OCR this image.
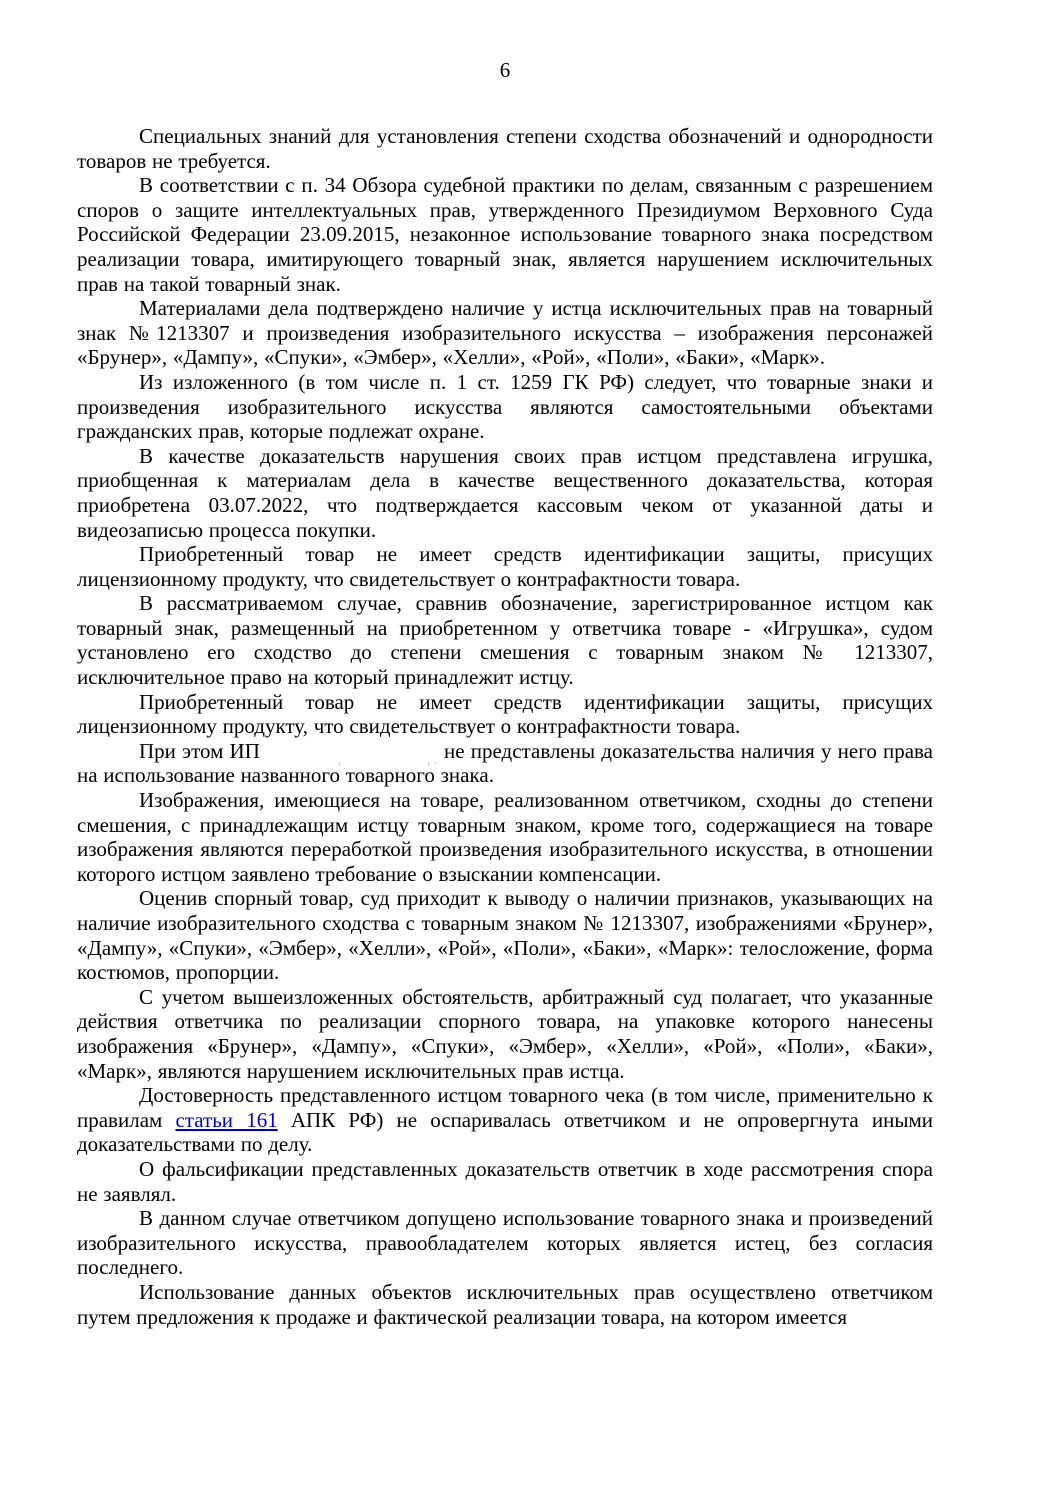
6

Специальных знаний для установления степени сходства обозначений и однородности товаров не требуется.

В соответствии с п. 34 Обзора судебной практики по делам, связанным с разрешением споров о защите интеллектуальных прав, утвержденного Президиумом Верховного Суда Российской Федерации 23.09.2015, незаконное использование товарного знака посредством реализации товара, имитирующего товарный знак, является нарушением исключительных прав на такой товарный знак.

Материалами дела подтверждено наличие у истца исключительных прав на товарный знак №1213307 и произведения изобразительного искусства – изображения персонажей «Брунер», «Дампу», «Спуки», «Эмбер», «Хелли», «Рой», «Поли», «Баки», «Марк».

Из изложенного (в том числе п. 1 ст. 1259 ГК РФ) следует, что товарные знаки и произведения изобразительного искусства являются самостоятельными объектами гражданских прав, которые подлежат охране.

В качестве доказательств нарушения своих прав истцом представлена игрушка, приобщенная к материалам дела в качестве вещественного доказательства, которая приобретена 03.07.2022, что подтверждается кассовым чеком от указанной даты и видеозаписью процесса покупки.

Приобретенный товар не имеет средств идентификации защиты, присущих лицензионному продукту, что свидетельствует о контрафактности товара.

В рассматриваемом случае, сравнив обозначение, зарегистрированное истцом как товарный знак, размещенный на приобретенном у ответчика товаре - «Игрушка», судом установлено его сходство до степени смешения с товарным знаком № 1213307, исключительное право на который принадлежит истцу.

Приобретенный товар не имеет средств идентификации защиты, присущих лицензионному продукту, что свидетельствует о контрафактности товара.

При этом ИП	,	, . не представлены доказательства наличия у него права на использование названного товарного знака.

Изображения, имеющиеся на товаре, реализованном ответчиком, сходны до степени смешения, с принадлежащим истцу товарным знаком, кроме того, содержащиеся на товаре изображения являются переработкой произведения изобразительного искусства, в отношении которого истцом заявлено требование о взыскании компенсации.

Оценив спорный товар, суд приходит к выводу о наличии признаков, указывающих на наличие изобразительного сходства с товарным знаком № 1213307, изображениями «Брунер», «Дампу», «Спуки», «Эмбер», «Хелли», «Рой», «Поли», «Баки», «Марк»: телосложение, форма костюмов, пропорции.

С учетом вышеизложенных обстоятельств, арбитражный суд полагает, что указанные действия ответчика по реализации спорного товара, на упаковке которого нанесены изображения «Брунер», «Дампу», «Спуки», «Эмбер», «Хелли», «Рой», «Поли», «Баки», «Марк», являются нарушением исключительных прав истца.

Достоверность представленного истцом товарного чека (в том числе, применительно к правилам статьи 161 АПК РФ) не оспаривалась ответчиком и не опровергнута иными доказательствами по делу.

О фальсификации представленных доказательств ответчик в ходе рассмотрения спора не заявлял.

В данном случае ответчиком допущено использование товарного знака и произведений изобразительного искусства, правообладателем которых является истец, без согласия последнего.

Использование данных объектов исключительных прав осуществлено ответчиком путем предложения к продаже и фактической реализации товара, на котором имеется
